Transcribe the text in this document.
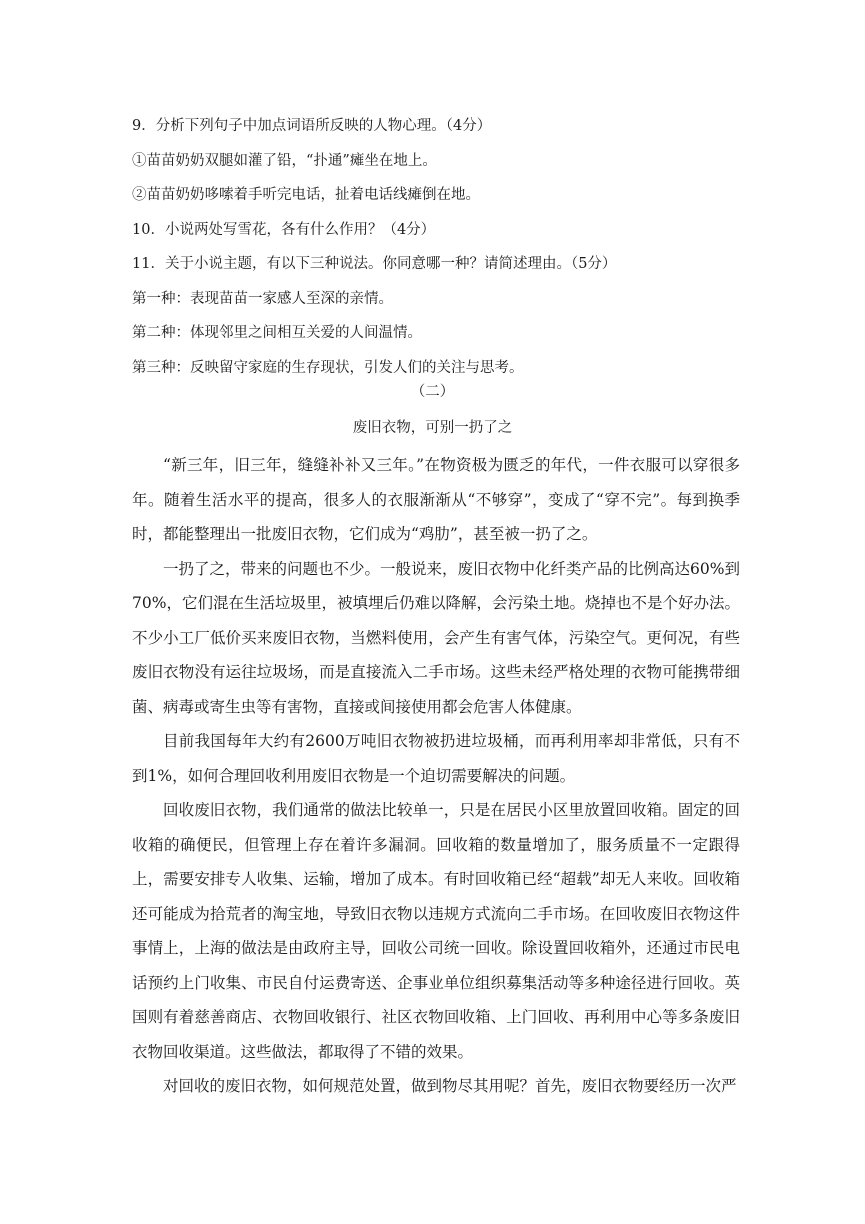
9．分析下列句子中加点词语所反映的人物心理。（4分）
①苗苗奶奶双腿如灌了铅，“扑通”瘫坐在地上。
②苗苗奶奶哆嗦着手听完电话，扯着电话线瘫倒在地。
10．小说两处写雪花，各有什么作用？（4分）
11．关于小说主题，有以下三种说法。你同意哪一种？请简述理由。（5分）
第一种：表现苗苗一家感人至深的亲情。
第二种：体现邻里之间相互关爱的人间温情。
第三种：反映留守家庭的生存现状，引发人们的关注与思考。
（二）
废旧衣物，可别一扔了之

“新三年，旧三年，缝缝补补又三年。”在物资极为匮乏的年代，一件衣服可以穿很多年。随着生活水平的提高，很多人的衣服渐渐从“不够穿”，变成了“穿不完”。每到换季时，都能整理出一批废旧衣物，它们成为“鸡肋”，甚至被一扔了之。

一扔了之，带来的问题也不少。一般说来，废旧衣物中化纤类产品的比例高达60%到70%，它们混在生活垃圾里，被填埋后仍难以降解，会污染土地。烧掉也不是个好办法。不少小工厂低价买来废旧衣物，当燃料使用，会产生有害气体，污染空气。更何况，有些废旧衣物没有运往垃圾场，而是直接流入二手市场。这些未经严格处理的衣物可能携带细菌、病毒或寄生虫等有害物，直接或间接使用都会危害人体健康。

目前我国每年大约有2600万吨旧衣物被扔进垃圾桶，而再利用率却非常低，只有不到1%，如何合理回收利用废旧衣物是一个迫切需要解决的问题。

回收废旧衣物，我们通常的做法比较单一，只是在居民小区里放置回收箱。固定的回收箱的确便民，但管理上存在着许多漏洞。回收箱的数量增加了，服务质量不一定跟得上，需要安排专人收集、运输，增加了成本。有时回收箱已经“超载”却无人来收。回收箱还可能成为拾荒者的淘宝地，导致旧衣物以违规方式流向二手市场。在回收废旧衣物这件事情上，上海的做法是由政府主导，回收公司统一回收。除设置回收箱外，还通过市民电话预约上门收集、市民自付运费寄送、企事业单位组织募集活动等多种途径进行回收。英国则有着慈善商店、衣物回收银行、社区衣物回收箱、上门回收、再利用中心等多条废旧衣物回收渠道。这些做法，都取得了不错的效果。

对回收的废旧衣物，如何规范处置，做到物尽其用呢？首先，废旧衣物要经历一次严
